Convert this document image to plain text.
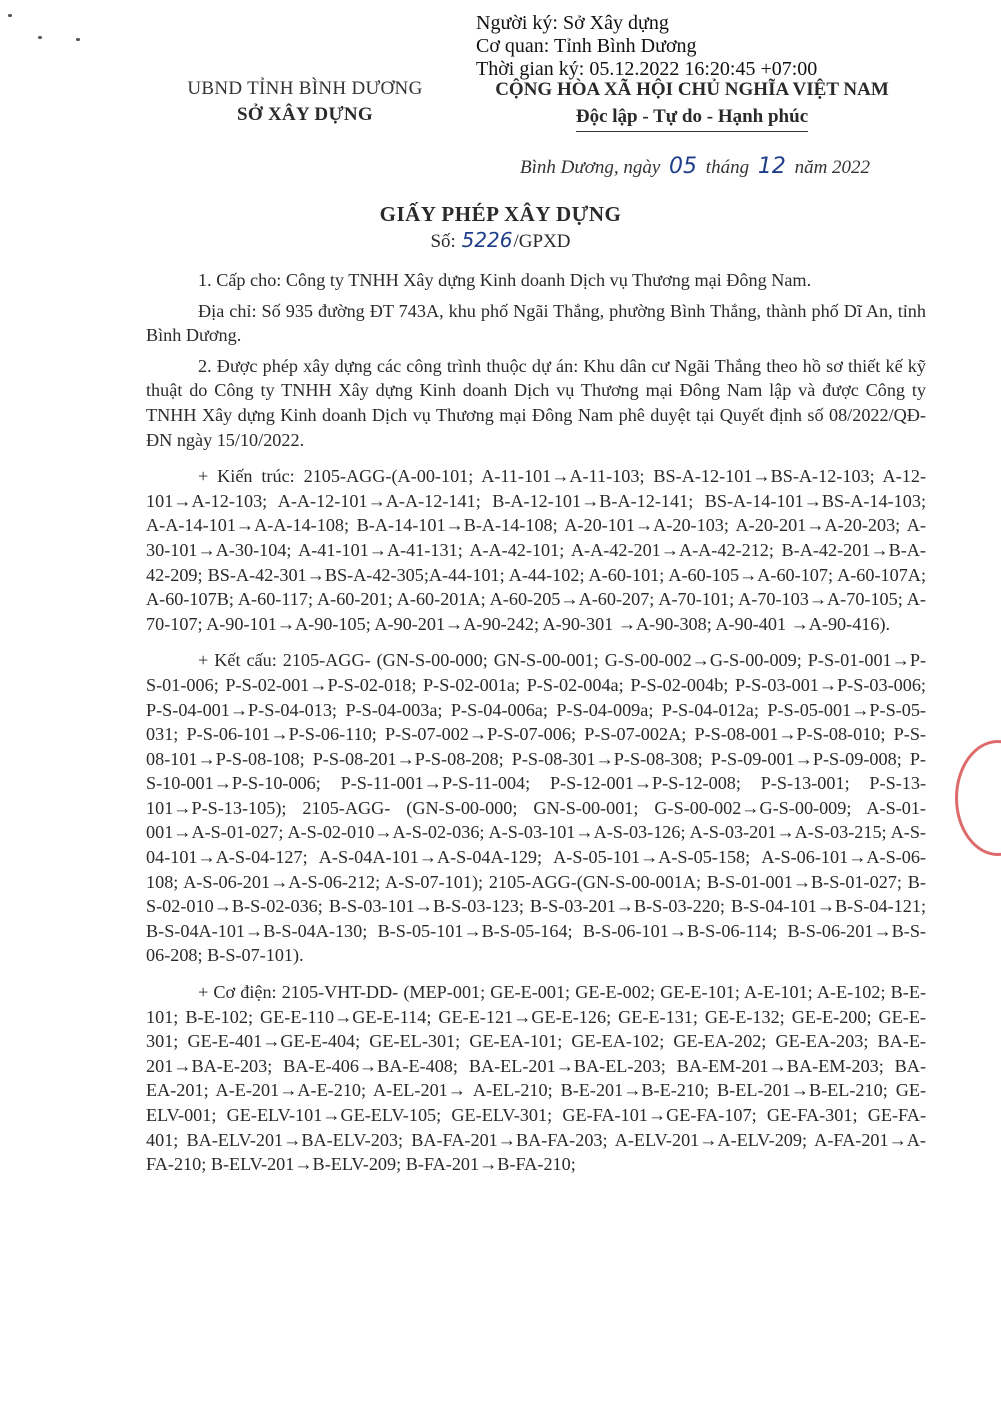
Người ký: Sở Xây dựng
Cơ quan: Tỉnh Bình Dương
Thời gian ký: 05.12.2022 16:20:45 +07:00
UBND TỈNH BÌNH DƯƠNG
SỞ XÂY DỰNG
CỘNG HÒA XÃ HỘI CHỦ NGHĨA VIỆT NAM
Độc lập - Tự do - Hạnh phúc
Bình Dương, ngày 05 tháng 12 năm 2022
GIẤY PHÉP XÂY DỰNG
Số: 5226/GPXD

1. Cấp cho: Công ty TNHH Xây dựng Kinh doanh Dịch vụ Thương mại Đông Nam.

Địa chỉ: Số 935 đường ĐT 743A, khu phố Ngãi Thắng, phường Bình Thắng, thành phố Dĩ An, tỉnh Bình Dương.

2. Được phép xây dựng các công trình thuộc dự án: Khu dân cư Ngãi Thắng theo hồ sơ thiết kế kỹ thuật do Công ty TNHH Xây dựng Kinh doanh Dịch vụ Thương mại Đông Nam lập và được Công ty TNHH Xây dựng Kinh doanh Dịch vụ Thương mại Đông Nam phê duyệt tại Quyết định số 08/2022/QĐ-ĐN ngày 15/10/2022.

+ Kiến trúc: 2105-AGG-(A-00-101; A-11-101→A-11-103; BS-A-12-101→BS-A-12-103; A-12-101→A-12-103; A-A-12-101→A-A-12-141; B-A-12-101→B-A-12-141; BS-A-14-101→BS-A-14-103; A-A-14-101→A-A-14-108; B-A-14-101→B-A-14-108; A-20-101→A-20-103; A-20-201→A-20-203; A-30-101→A-30-104; A-41-101→A-41-131; A-A-42-101; A-A-42-201→A-A-42-212; B-A-42-201→B-A-42-209; BS-A-42-301→BS-A-42-305;A-44-101; A-44-102; A-60-101; A-60-105→A-60-107; A-60-107A; A-60-107B; A-60-117; A-60-201; A-60-201A; A-60-205→A-60-207; A-70-101; A-70-103→A-70-105; A-70-107; A-90-101→A-90-105; A-90-201→A-90-242; A-90-301 →A-90-308; A-90-401 →A-90-416).

+ Kết cấu: 2105-AGG- (GN-S-00-000; GN-S-00-001; G-S-00-002→G-S-00-009; P-S-01-001→P-S-01-006; P-S-02-001→P-S-02-018; P-S-02-001a; P-S-02-004a; P-S-02-004b; P-S-03-001→P-S-03-006; P-S-04-001→P-S-04-013; P-S-04-003a; P-S-04-006a; P-S-04-009a; P-S-04-012a; P-S-05-001→P-S-05-031; P-S-06-101→P-S-06-110; P-S-07-002→P-S-07-006; P-S-07-002A; P-S-08-001→P-S-08-010; P-S-08-101→P-S-08-108; P-S-08-201→P-S-08-208; P-S-08-301→P-S-08-308; P-S-09-001→P-S-09-008; P-S-10-001→P-S-10-006; P-S-11-001→P-S-11-004; P-S-12-001→P-S-12-008; P-S-13-001; P-S-13-101→P-S-13-105); 2105-AGG- (GN-S-00-000; GN-S-00-001; G-S-00-002→G-S-00-009; A-S-01-001→A-S-01-027; A-S-02-010→A-S-02-036; A-S-03-101→A-S-03-126; A-S-03-201→A-S-03-215; A-S-04-101→A-S-04-127; A-S-04A-101→A-S-04A-129; A-S-05-101→A-S-05-158; A-S-06-101→A-S-06-108; A-S-06-201→A-S-06-212; A-S-07-101); 2105-AGG-(GN-S-00-001A; B-S-01-001→B-S-01-027; B-S-02-010→B-S-02-036; B-S-03-101→B-S-03-123; B-S-03-201→B-S-03-220; B-S-04-101→B-S-04-121; B-S-04A-101→B-S-04A-130; B-S-05-101→B-S-05-164; B-S-06-101→B-S-06-114; B-S-06-201→B-S-06-208; B-S-07-101).

+ Cơ điện: 2105-VHT-DD- (MEP-001; GE-E-001; GE-E-002; GE-E-101; A-E-101; A-E-102; B-E-101; B-E-102; GE-E-110→GE-E-114; GE-E-121→GE-E-126; GE-E-131; GE-E-132; GE-E-200; GE-E-301; GE-E-401→GE-E-404; GE-EL-301; GE-EA-101; GE-EA-102; GE-EA-202; GE-EA-203; BA-E-201→BA-E-203; BA-E-406→BA-E-408; BA-EL-201→BA-EL-203; BA-EM-201→BA-EM-203; BA-EA-201; A-E-201→A-E-210; A-EL-201→ A-EL-210; B-E-201→B-E-210; B-EL-201→B-EL-210; GE-ELV-001; GE-ELV-101→GE-ELV-105; GE-ELV-301; GE-FA-101→GE-FA-107; GE-FA-301; GE-FA-401; BA-ELV-201→BA-ELV-203; BA-FA-201→BA-FA-203; A-ELV-201→A-ELV-209; A-FA-201→A-FA-210; B-ELV-201→B-ELV-209; B-FA-201→B-FA-210;
